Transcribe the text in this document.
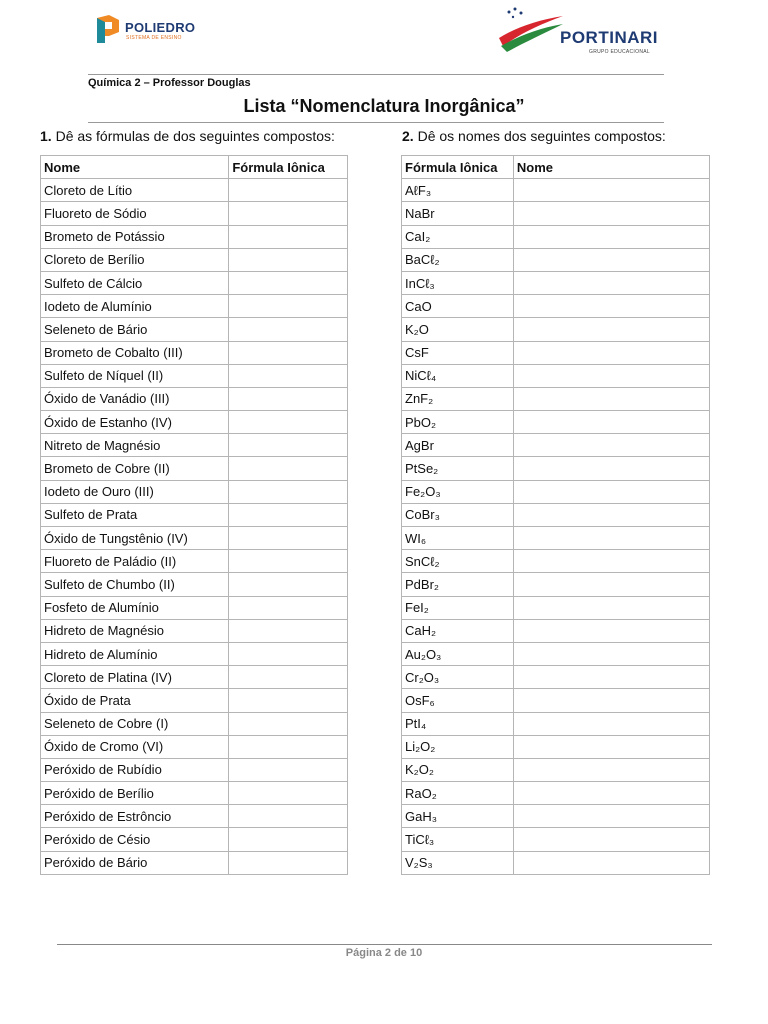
POLIEDRO
SISTEMA DE ENSINO	PORTINARI
GRUPO EDUCACIONAL
Química 2 – Professor Douglas
Lista “Nomenclatura Inorgânica”
1. Dê as fórmulas de dos seguintes compostos:	2. Dê os nomes dos seguintes compostos:
Nome	Fórmula Iônica
Cloreto de Lítio	
Fluoreto de Sódio	
Brometo de Potássio	
Cloreto de Berílio	
Sulfeto de Cálcio	
Iodeto de Alumínio	
Seleneto de Bário	
Brometo de Cobalto (III)	
Sulfeto de Níquel (II)	
Óxido de Vanádio (III)	
Óxido de Estanho (IV)	
Nitreto de Magnésio	
Brometo de Cobre (II)	
Iodeto de Ouro (III)	
Sulfeto de Prata	
Óxido de Tungstênio (IV)	
Fluoreto de Paládio (II)	
Sulfeto de Chumbo (II)	
Fosfeto de Alumínio	
Hidreto de Magnésio	
Hidreto de Alumínio	
Cloreto de Platina (IV)	
Óxido de Prata	
Seleneto de Cobre (I)	
Óxido de Cromo (VI)	
Peróxido de Rubídio	
Peróxido de Berílio	
Peróxido de Estrôncio	
Peróxido de Césio	
Peróxido de Bário	
Fórmula Iônica	Nome
AℓF₃	
NaBr	
CaI₂	
BaCℓ₂	
InCℓ₃	
CaO	
K₂O	
CsF	
NiCℓ₄	
ZnF₂	
PbO₂	
AgBr	
PtSe₂	
Fe₂O₃	
CoBr₃	
WI₆	
SnCℓ₂	
PdBr₂	
FeI₂	
CaH₂	
Au₂O₃	
Cr₂O₃	
OsF₆	
PtI₄	
Li₂O₂	
K₂O₂	
RaO₂	
GaH₃	
TiCℓ₃	
V₂S₃	
Página 2 de 10
